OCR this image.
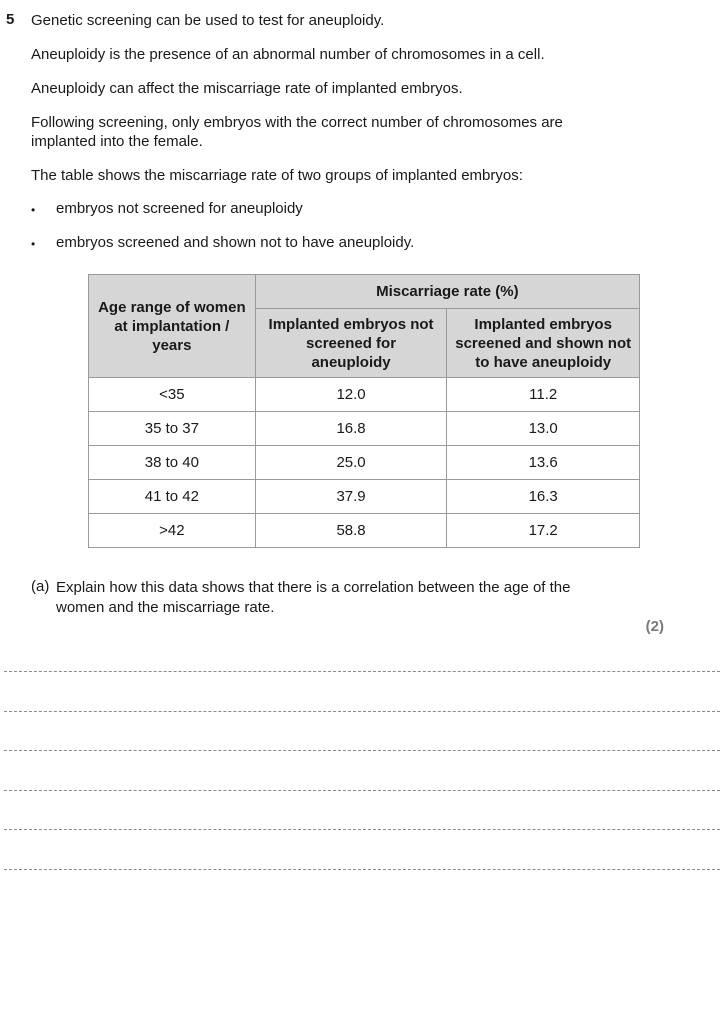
5 Genetic screening can be used to test for aneuploidy.
Aneuploidy is the presence of an abnormal number of chromosomes in a cell.
Aneuploidy can affect the miscarriage rate of implanted embryos.
Following screening, only embryos with the correct number of chromosomes are implanted into the female.
The table shows the miscarriage rate of two groups of implanted embryos:
• embryos not screened for aneuploidy
• embryos screened and shown not to have aneuploidy.
Age range of women at implantation / years	Miscarriage rate (%)	
	Implanted embryos not screened for aneuploidy	Implanted embryos screened and shown not to have aneuploidy
<35	12.0	11.2
35 to 37	16.8	13.0
38 to 40	25.0	13.6
41 to 42	37.9	16.3
>42	58.8	17.2
(a) Explain how this data shows that there is a correlation between the age of the women and the miscarriage rate.
(2)
